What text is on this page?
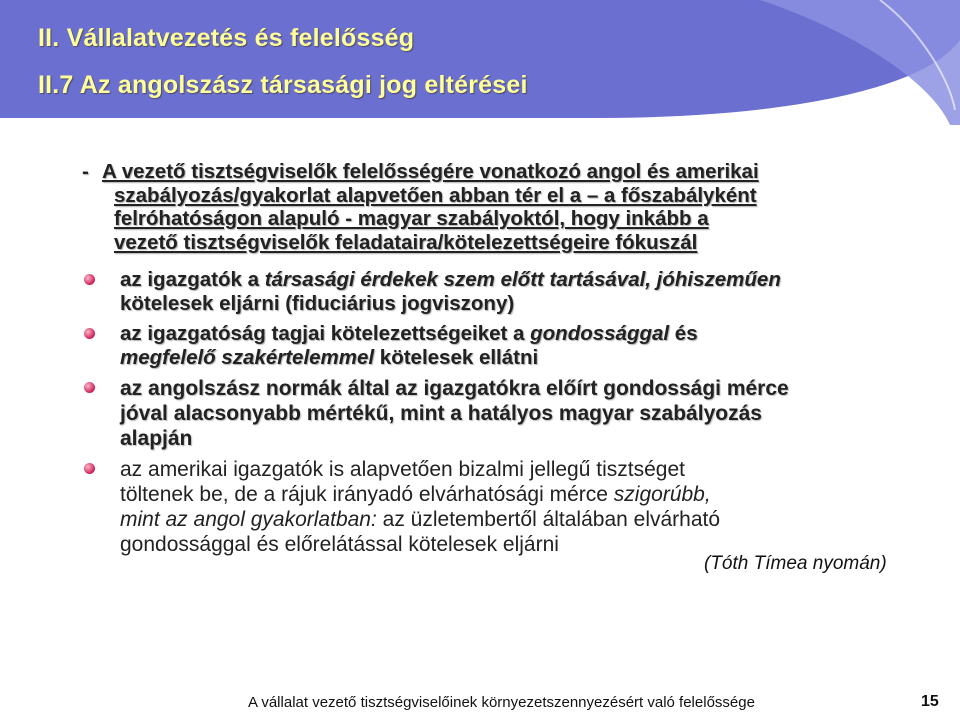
II. Vállalatvezetés és felelősség
II.7 Az angolszász társasági jog eltérései
- A vezető tisztségviselők felelősségére vonatkozó angol és amerikai
szabályozás/gyakorlat alapvetően abban tér el a – a főszabályként
felróhatóságon alapuló - magyar szabályoktól, hogy inkább a
vezető tisztségviselők feladataira/kötelezettségeire fókuszál
az igazgatók a társasági érdekek szem előtt tartásával, jóhiszeműen
kötelesek eljárni (fiduciárius jogviszony)
az igazgatóság tagjai kötelezettségeiket a gondossággal és
megfelelő szakértelemmel kötelesek ellátni
az angolszász normák által az igazgatókra előírt gondossági mérce
jóval alacsonyabb mértékű, mint a hatályos magyar szabályozás
alapján
az amerikai igazgatók is alapvetően bizalmi jellegű tisztséget
töltenek be, de a rájuk irányadó elvárhatósági mérce szigorúbb,
mint az angol gyakorlatban: az üzletembertől általában elvárható
gondossággal és előrelátással kötelesek eljárni
(Tóth Tímea nyomán)
A vállalat vezető tisztségviselőinek környezetszennyezésért való felelőssége	15
